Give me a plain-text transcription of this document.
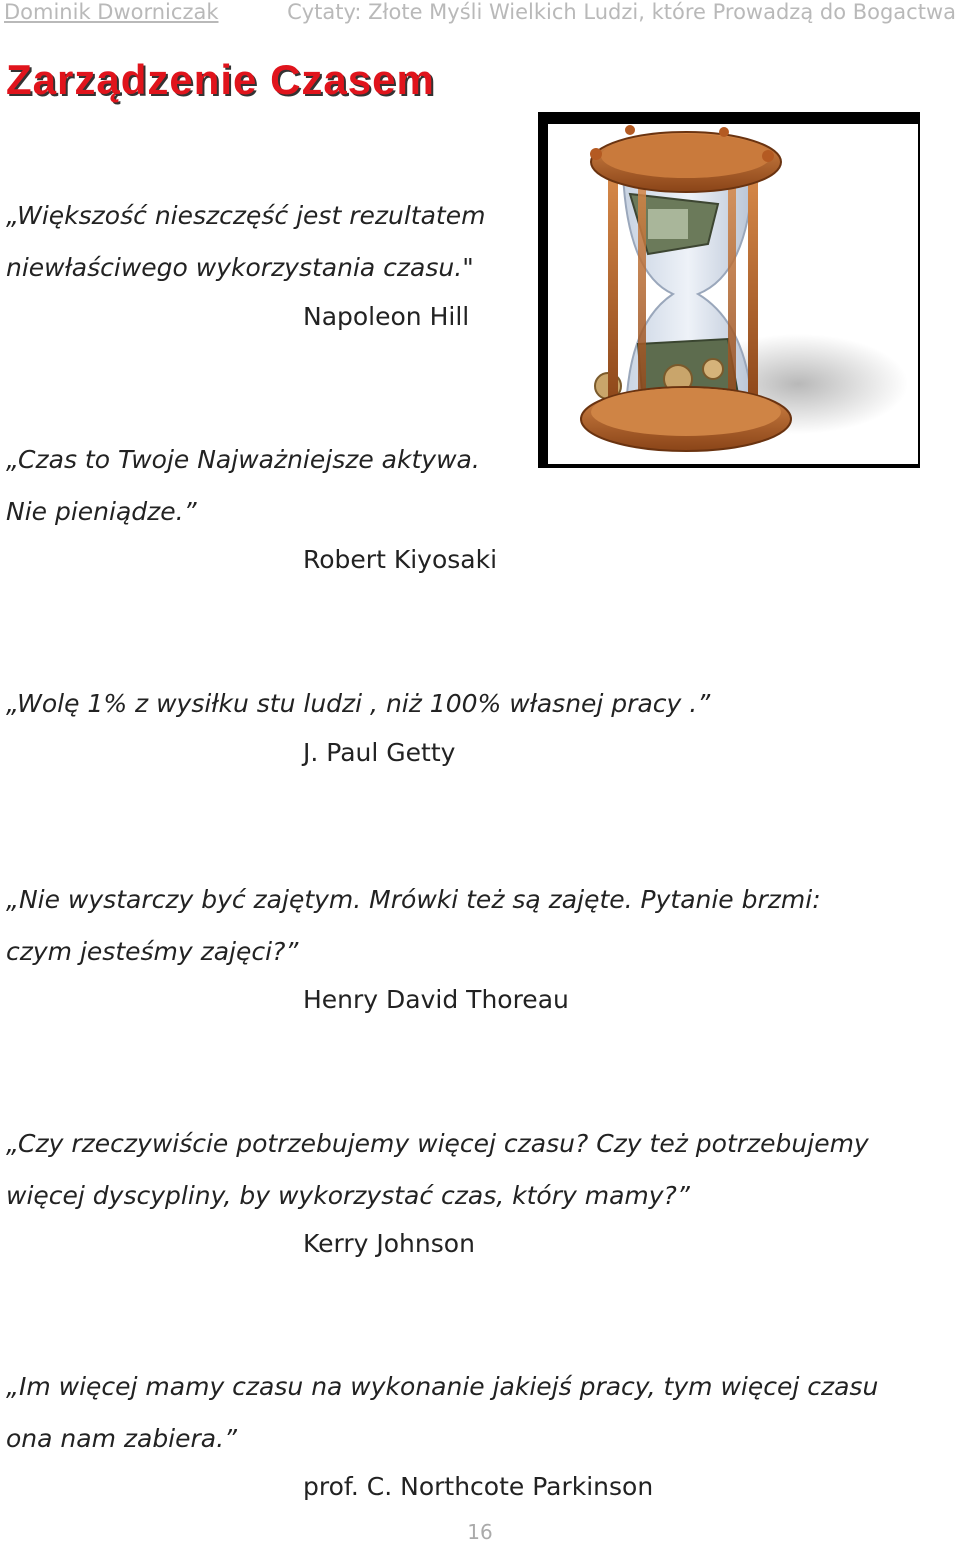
Dominik Dworniczak	Cytaty: Złote Myśli Wielkich Ludzi, które Prowadzą do Bogactwa
Zarządzenie Czasem
„Większość nieszczęść jest rezultatem
niewłaściwego wykorzystania czasu."
Napoleon Hill
„Czas to Twoje Najważniejsze aktywa.
Nie pieniądze.”
Robert Kiyosaki
„Wolę 1% z wysiłku stu ludzi , niż 100% własnej pracy .”
J. Paul Getty
„Nie wystarczy być zajętym. Mrówki też są zajęte. Pytanie brzmi:
czym jesteśmy zajęci?”
Henry David Thoreau
„Czy rzeczywiście potrzebujemy więcej czasu? Czy też potrzebujemy
więcej dyscypliny, by wykorzystać czas, który mamy?”
Kerry Johnson
„Im więcej mamy czasu na wykonanie jakiejś pracy, tym więcej czasu
ona nam zabiera.”
prof. C. Northcote Parkinson
16
